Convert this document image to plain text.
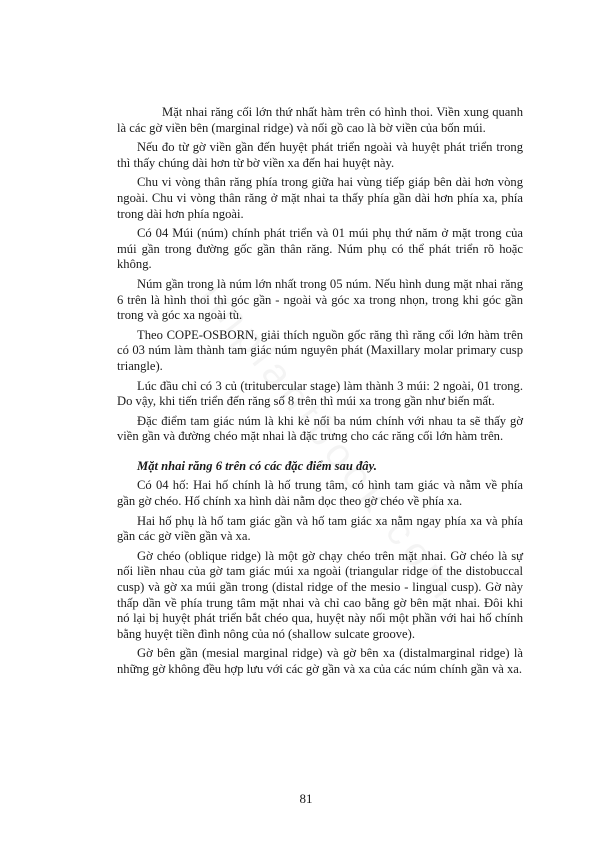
Mặt nhai răng cối lớn thứ nhất hàm trên có hình thoi. Viền xung quanh là các gờ viền bên (marginal ridge) và nối gồ cao là bờ viền của bốn múi.

Nếu đo từ gờ viền gần đến huyệt phát triển ngoài và huyệt phát triển trong thì thấy chúng dài hơn từ bờ viền xa đến hai huyệt này.

Chu vi vòng thân răng phía trong giữa hai vùng tiếp giáp bên dài hơn vòng ngoài. Chu vi vòng thân răng ở mặt nhai ta thấy phía gần dài hơn phía xa, phía trong dài hơn phía ngoài.

Có 04 Múi (núm) chính phát triển và 01 múi phụ thứ năm ở mặt trong của múi gần trong đường gốc gần thân răng. Núm phụ có thể phát triển rõ hoặc không.

Núm gần trong là núm lớn nhất trong 05 núm. Nếu hình dung mặt nhai răng 6 trên là hình thoi thì góc gần - ngoài và góc xa trong nhọn, trong khi góc gần trong và góc xa ngoài tù.

Theo COPE-OSBORN, giải thích nguồn gốc răng thì răng cối lớn hàm trên có 03 núm làm thành tam giác núm nguyên phát (Maxillary molar primary cusp triangle).

Lúc đầu chỉ có 3 củ (tritubercular stage) làm thành 3 múi: 2 ngoài, 01 trong. Do vậy, khi tiến triển đến răng số 8 trên thì múi xa trong gần như biến mất.

Đặc điểm tam giác núm là khi kẻ nối ba núm chính với nhau ta sẽ thấy gờ viền gần và đường chéo mặt nhai là đặc trưng cho các răng cối lớn hàm trên.

Mặt nhai răng 6 trên có các đặc điểm sau đây.

Có 04 hố: Hai hố chính là hố trung tâm, có hình tam giác và nằm về phía gần gờ chéo. Hố chính xa hình dài nằm dọc theo gờ chéo về phía xa.

Hai hố phụ là hố tam giác gần và hố tam giác xa nằm ngay phía xa và phía gần các gờ viền gần và xa.

Gờ chéo (oblique ridge) là một gờ chạy chéo trên mặt nhai. Gờ chéo là sự nối liền nhau của gờ tam giác múi xa ngoài (triangular ridge of the distobuccal cusp) và gờ xa múi gần trong (distal ridge of the mesio - lingual cusp). Gờ này thấp dần về phía trung tâm mặt nhai và chỉ cao bằng gờ bên mặt nhai. Đôi khi nó lại bị huyệt phát triển bắt chéo qua, huyệt này nối một phần với hai hố chính bằng huyệt tiền đình nông của nó (shallow sulcate groove).

Gờ bên gần (mesial marginal ridge) và gờ bên xa (distalmarginal ridge) là những gờ không đều hợp lưu với các gờ gần và xa của các núm chính gần và xa.

81
